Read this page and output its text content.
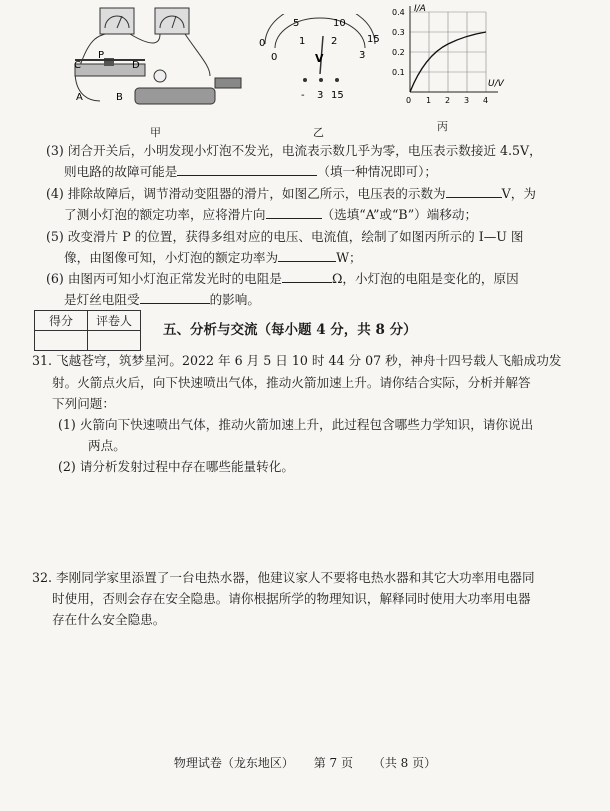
C
P
D
A	B
甲
0
5	10
15
0
1	2
3
V
- 3 15
乙
I/A
U/V
0.1
0.2
0.3
0.4
0 1 2 3 4
丙
(3) 闭合开关后，小明发现小灯泡不发光，电流表示数几乎为零，电压表示数接近 4.5V，
则电路的故障可能是	（填一种情况即可）；
(4) 排除故障后，调节滑动变阻器的滑片，如图乙所示，电压表的示数为	V，为
了测小灯泡的额定功率，应将滑片向	（选填“A”或“B”）端移动；
(5) 改变滑片 P 的位置，获得多组对应的电压、电流值，绘制了如图丙所示的 I—U 图
像，由图像可知，小灯泡的额定功率为	W；
(6) 由图丙可知小灯泡正常发光时的电阻是	Ω，小灯泡的电阻是变化的，原因
是灯丝电阻受	的影响。
得分	评卷人

五、分析与交流（每小题 4 分，共 8 分）
31. 飞越苍穹，筑梦星河。2022 年 6 月 5 日 10 时 44 分 07 秒，神舟十四号载人飞船成功发
射。火箭点火后，向下快速喷出气体，推动火箭加速上升。请你结合实际，分析并解答
下列问题：
(1) 火箭向下快速喷出气体，推动火箭加速上升，此过程包含哪些力学知识，请你说出
两点。
(2) 请分析发射过程中存在哪些能量转化。
32. 李刚同学家里添置了一台电热水器，他建议家人不要将电热水器和其它大功率用电器同
时使用，否则会存在安全隐患。请你根据所学的物理知识，解释同时使用大功率用电器
存在什么安全隐患。
物理试卷（龙东地区） 第 7 页 （共 8 页）
